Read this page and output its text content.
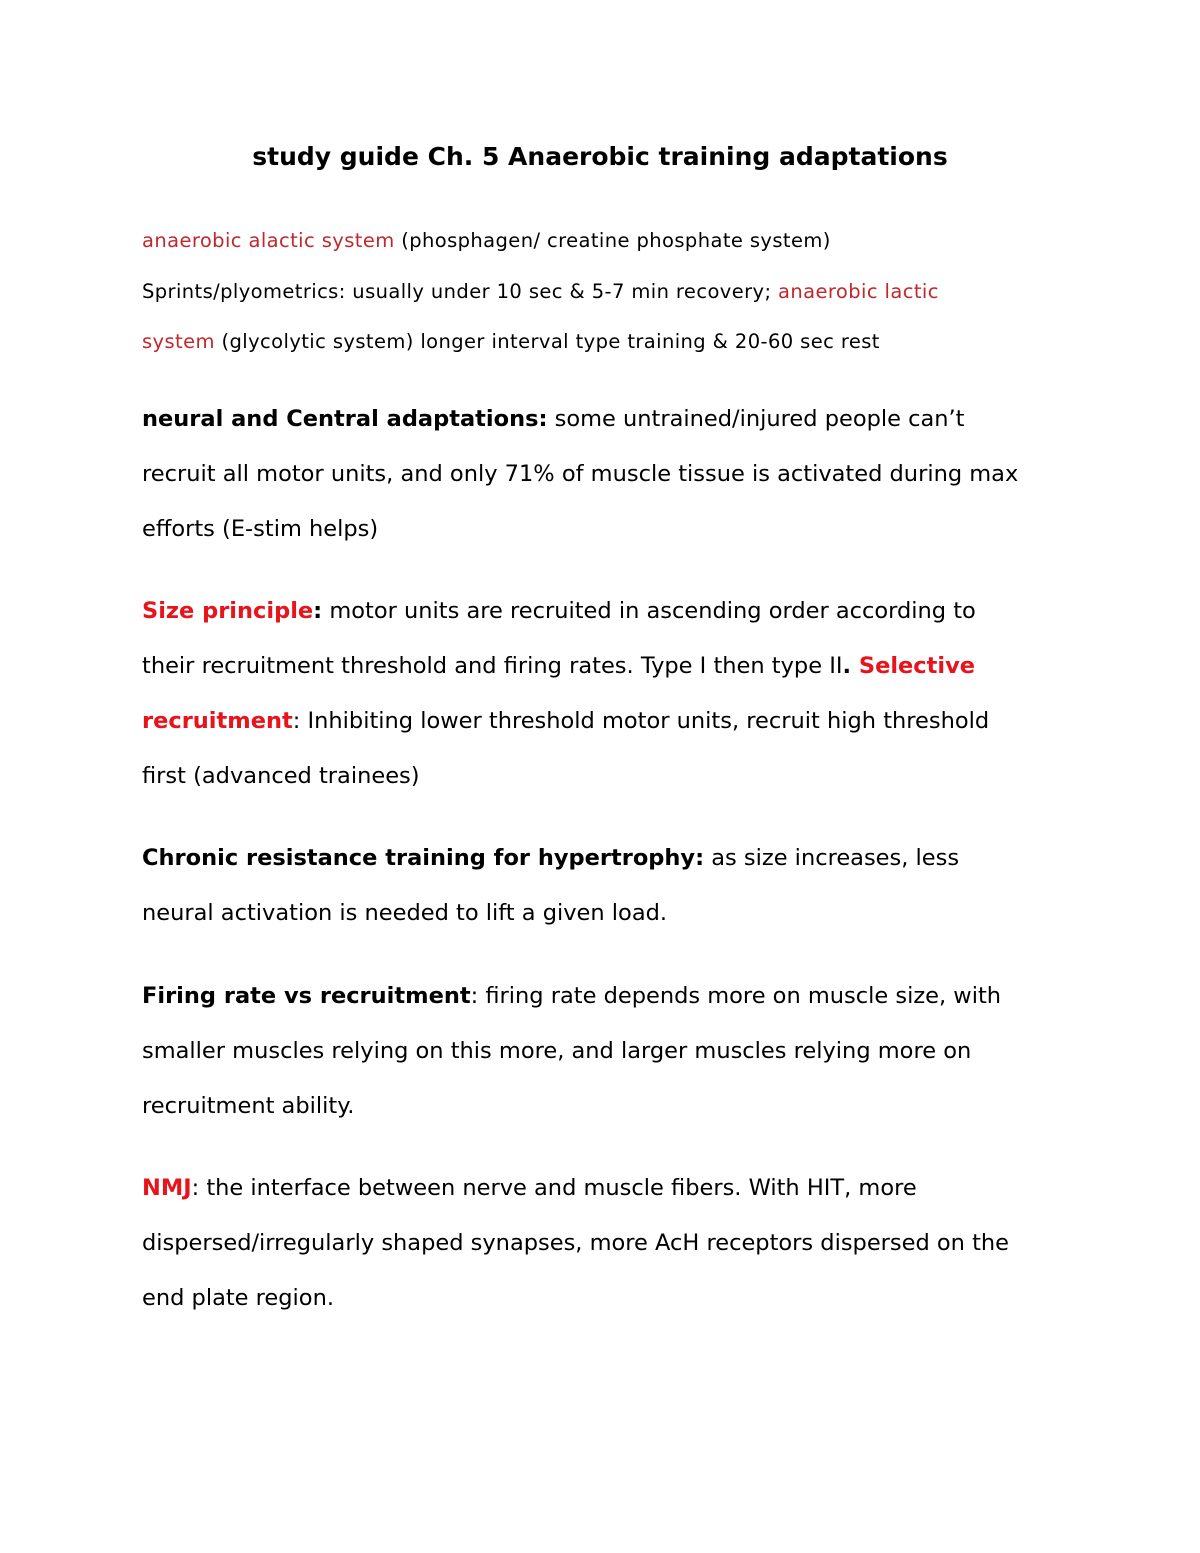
study guide Ch. 5 Anaerobic training adaptations

anaerobic alactic system (phosphagen/ creatine phosphate system)
Sprints/plyometrics: usually under 10 sec & 5-7 min recovery; anaerobic lactic
system (glycolytic system) longer interval type training & 20-60 sec rest

neural and Central adaptations: some untrained/injured people can’t
recruit all motor units, and only 71% of muscle tissue is activated during max
efforts (E-stim helps)

Size principle: motor units are recruited in ascending order according to
their recruitment threshold and firing rates. Type I then type II. Selective
recruitment: Inhibiting lower threshold motor units, recruit high threshold
first (advanced trainees)

Chronic resistance training for hypertrophy: as size increases, less
neural activation is needed to lift a given load.

Firing rate vs recruitment: firing rate depends more on muscle size, with
smaller muscles relying on this more, and larger muscles relying more on
recruitment ability.

NMJ: the interface between nerve and muscle fibers. With HIT, more
dispersed/irregularly shaped synapses, more AcH receptors dispersed on the
end plate region.
